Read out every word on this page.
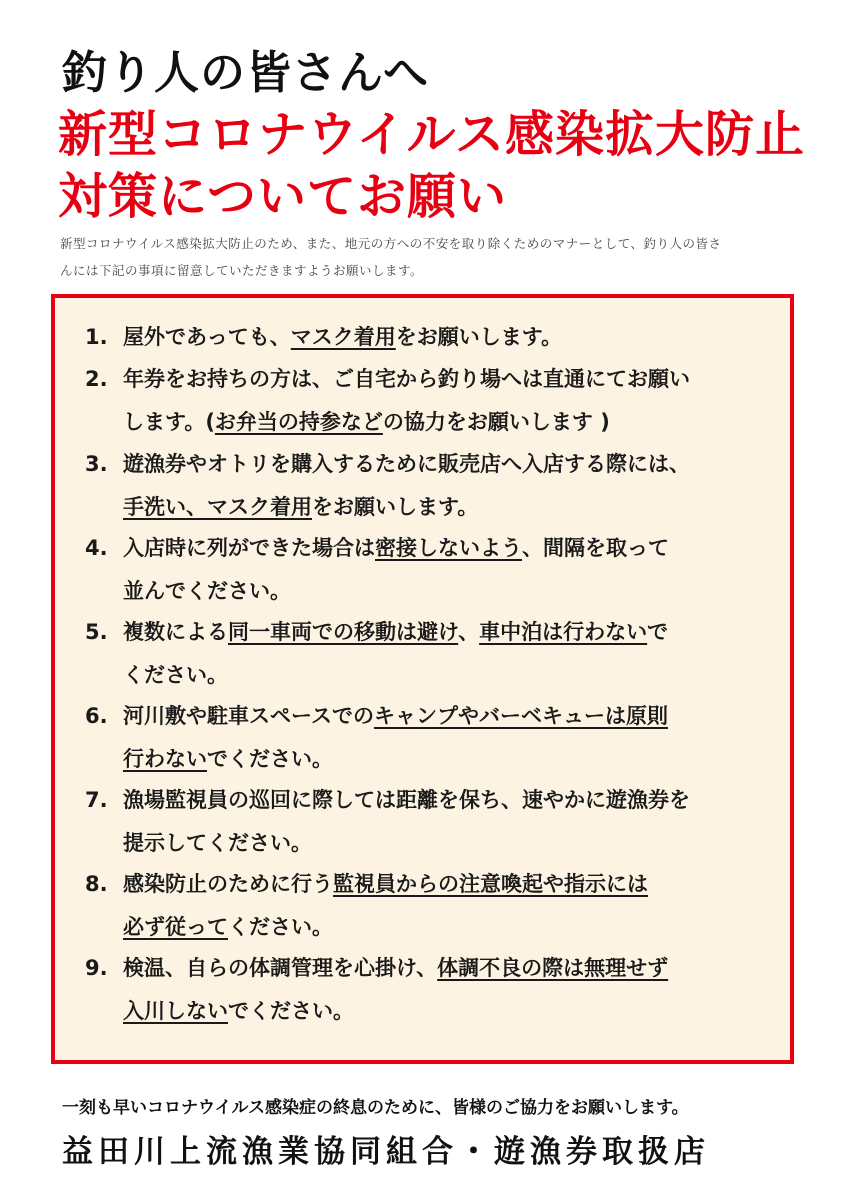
釣り人の皆さんへ
新型コロナウイルス感染拡大防止
対策についてお願い
新型コロナウイルス感染拡大防止のため、また、地元の方への不安を取り除くためのマナーとして、釣り人の皆さ
んには下記の事項に留意していただきますようお願いします。
1. 屋外であっても、マスク着用をお願いします。
2. 年券をお持ちの方は、ご自宅から釣り場へは直通にてお願い
します。(お弁当の持参などの協力をお願いします )
3. 遊漁券やオトリを購入するために販売店へ入店する際には、
手洗い、マスク着用をお願いします。
4. 入店時に列ができた場合は密接しないよう、間隔を取って
並んでください。
5. 複数による同一車両での移動は避け、車中泊は行わないで
ください。
6. 河川敷や駐車スペースでのキャンプやバーベキューは原則
行わないでください。
7. 漁場監視員の巡回に際しては距離を保ち、速やかに遊漁券を
提示してください。
8. 感染防止のために行う監視員からの注意喚起や指示には
必ず従ってください。
9. 検温、自らの体調管理を心掛け、体調不良の際は無理せず
入川しないでください。
一刻も早いコロナウイルス感染症の終息のために、皆様のご協力をお願いします。
益田川上流漁業協同組合・遊漁券取扱店
